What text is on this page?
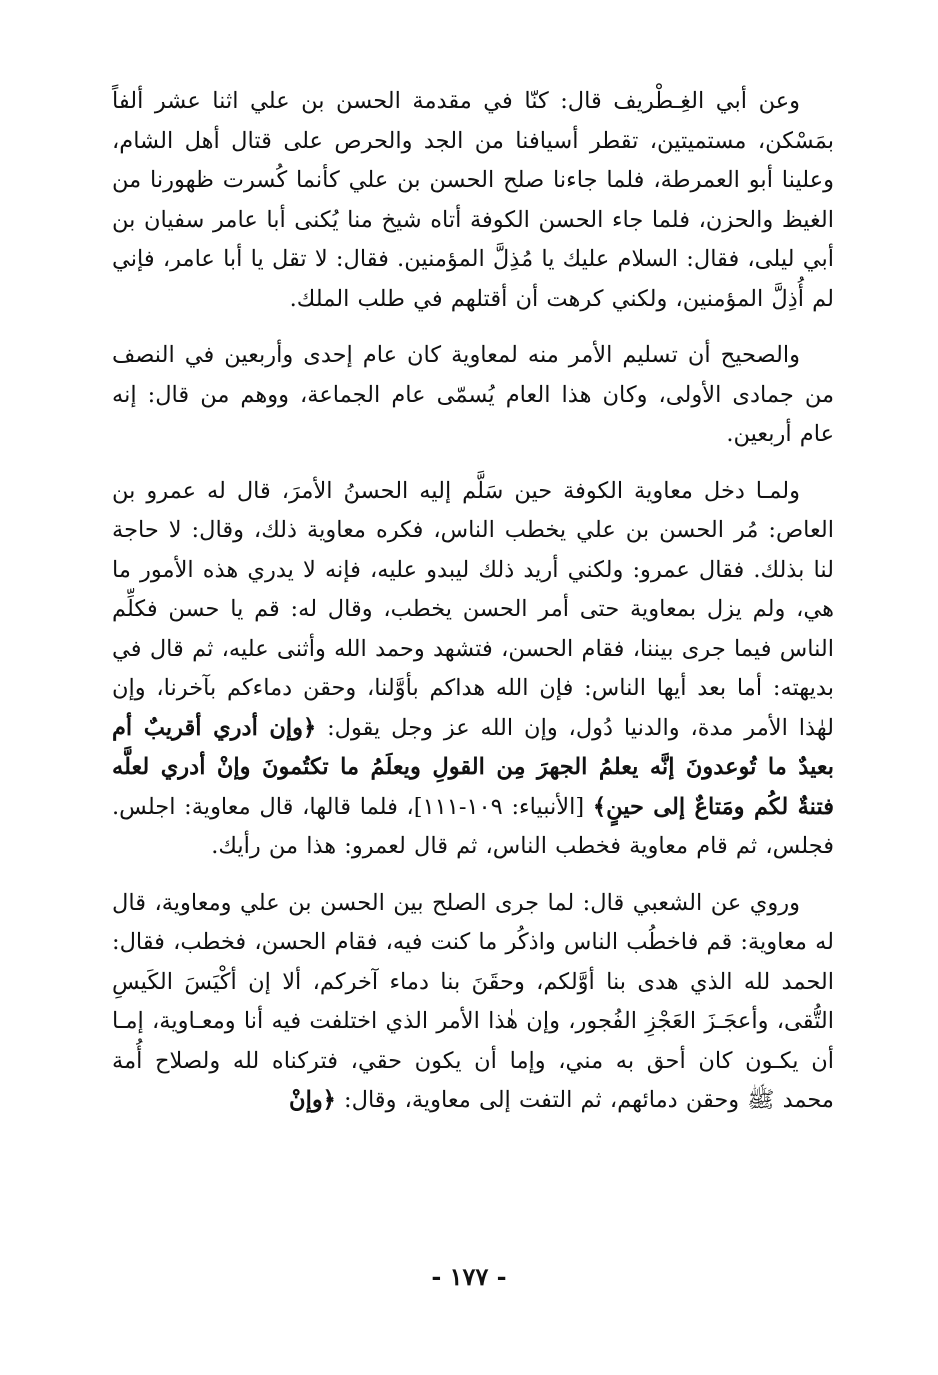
وعن أبي الغِـطْريف قال: كنّا في مقدمة الحسن بن علي اثنا عشر ألفاً بمَسْكن، مستميتين، تقطر أسيافنا من الجد والحرص على قتال أهل الشام، وعلينا أبو العمرطة، فلما جاءنا صلح الحسن بن علي كأنما كُسرت ظهورنا من الغيظ والحزن، فلما جاء الحسن الكوفة أتاه شيخ منا يُكنى أبا عامر سفيان بن أبي ليلى، فقال: السلام عليك يا مُذِلَّ المؤمنين. فقال: لا تقل يا أبا عامر، فإني لم أُذِلَّ المؤمنين، ولكني كرهت أن أقتلهم في طلب الملك.

والصحيح أن تسليم الأمر منه لمعاوية كان عام إحدى وأربعين في النصف من جمادى الأولى، وكان هذا العام يُسمّى عام الجماعة، ووهم من قال: إنه عام أربعين.

ولمـا دخل معاوية الكوفة حين سَلَّم إليه الحسنُ الأمرَ، قال له عمرو بن العاص: مُر الحسن بن علي يخطب الناس، فكره معاوية ذلك، وقال: لا حاجة لنا بذلك. فقال عمرو: ولكني أريد ذلك ليبدو عليه، فإنه لا يدري هذه الأمور ما هي، ولم يزل بمعاوية حتى أمر الحسن يخطب، وقال له: قم يا حسن فكلِّم الناس فيما جرى بيننا، فقام الحسن، فتشهد وحمد الله وأثنى عليه، ثم قال في بديهته: أما بعد أيها الناس: فإن الله هداكم بأوَّلنا، وحقن دماءكم بآخرنا، وإن لهٰذا الأمر مدة، والدنيا دُول، وإن الله عز وجل يقول: ﴿وإن أدري أقريبٌ أم بعيدٌ ما تُوعدونَ إنَّه يعلمُ الجهرَ مِن القولِ ويعلَمُ ما تكتُمونَ وإنْ أدري لعلَّه فتنةٌ لكُم ومَتاعٌ إلى حينٍ﴾ [الأنبياء: ١٠٩-١١١]، فلما قالها، قال معاوية: اجلس. فجلس، ثم قام معاوية فخطب الناس، ثم قال لعمرو: هذا من رأيك.

وروي عن الشعبي قال: لما جرى الصلح بين الحسن بن علي ومعاوية، قال له معاوية: قم فاخطُب الناس واذكُر ما كنت فيه، فقام الحسن، فخطب، فقال: الحمد لله الذي هدى بنا أوَّلكم، وحقَنَ بنا دماء آخركم، ألا إن أكْيَسَ الكَيسِ التُّقى، وأعجَـزَ العَجْزِ الفُجور، وإن هٰذا الأمر الذي اختلفت فيه أنا ومعـاوية، إمـا أن يكـون كان أحق به مني، وإما أن يكون حقي، فتركناه لله ولصلاح أُمة محمد ﷺ وحقن دمائهم، ثم التفت إلى معاوية، وقال: ﴿وإنْ

- ١٧٧ -
